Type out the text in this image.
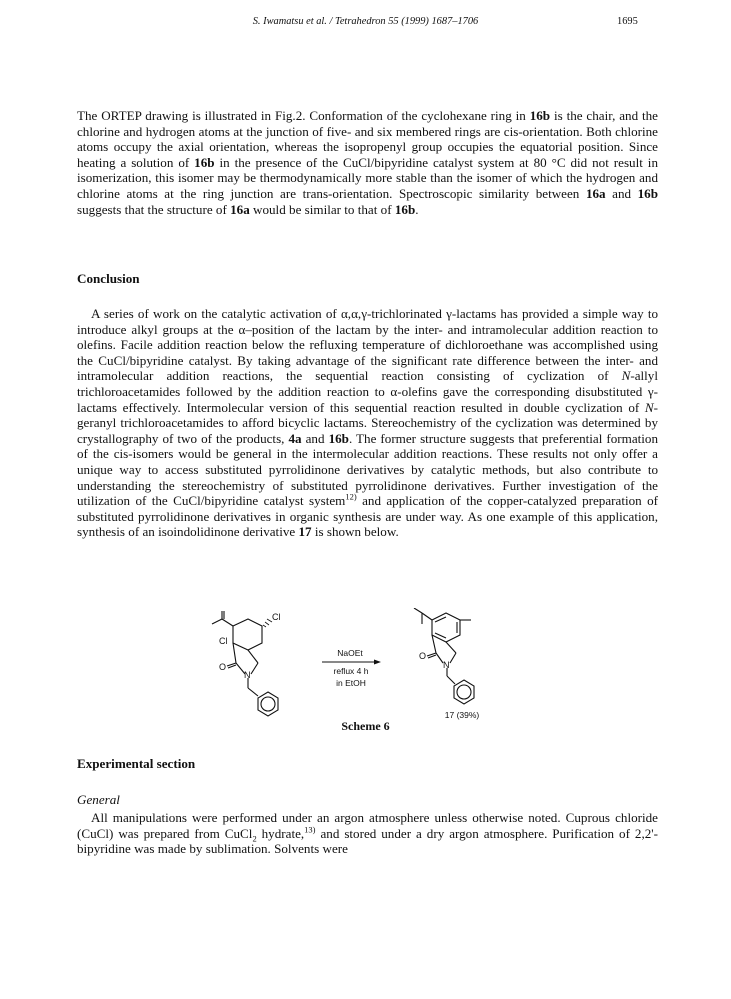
S. Iwamatsu et al. / Tetrahedron 55 (1999) 1687–1706	1695

The ORTEP drawing is illustrated in Fig.2. Conformation of the cyclohexane ring in 16b is the chair, and the chlorine and hydrogen atoms at the junction of five- and six membered rings are cis-orientation. Both chlorine atoms occupy the axial orientation, whereas the isopropenyl group occupies the equatorial position. Since heating a solution of 16b in the presence of the CuCl/bipyridine catalyst system at 80 °C did not result in isomerization, this isomer may be thermodynamically more stable than the isomer of which the hydrogen and chlorine atoms at the ring junction are trans-orientation. Spectroscopic similarity between 16a and 16b suggests that the structure of 16a would be similar to that of 16b.

Conclusion

A series of work on the catalytic activation of α,α,γ-trichlorinated γ-lactams has provided a simple way to introduce alkyl groups at the α–position of the lactam by the inter- and intramolecular addition reaction to olefins. Facile addition reaction below the refluxing temperature of dichloroethane was accomplished using the CuCl/bipyridine catalyst. By taking advantage of the significant rate difference between the inter- and intramolecular addition reactions, the sequential reaction consisting of cyclization of N-allyl trichloroacetamides followed by the addition reaction to α-olefins gave the corresponding disubstituted γ-lactams effectively. Intermolecular version of this sequential reaction resulted in double cyclization of N-geranyl trichloroacetamides to afford bicyclic lactams. Stereochemistry of the cyclization was determined by crystallography of two of the products, 4a and 16b. The former structure suggests that preferential formation of the cis-isomers would be general in the intermolecular addition reactions. These results not only offer a unique way to access substituted pyrrolidinone derivatives by catalytic methods, but also contribute to understanding the stereochemistry of substituted pyrrolidinone derivatives. Further investigation of the utilization of the CuCl/bipyridine catalyst system$^{12)}$ and application of the copper-catalyzed preparation of substituted pyrrolidinone derivatives in organic synthesis are under way. As one example of this application, synthesis of an isoindolidinone derivative 17 is shown below.

Cl
Cl
O
N
NaOEt
reflux 4 h
in EtOH
O
N
17 (39%)
Scheme 6
Experimental section
General

All manipulations were performed under an argon atmosphere unless otherwise noted. Cuprous chloride (CuCl) was prepared from CuCl$_2$ hydrate,$^{13)}$ and stored under a dry argon atmosphere. Purification of 2,2'-bipyridine was made by sublimation. Solvents were
